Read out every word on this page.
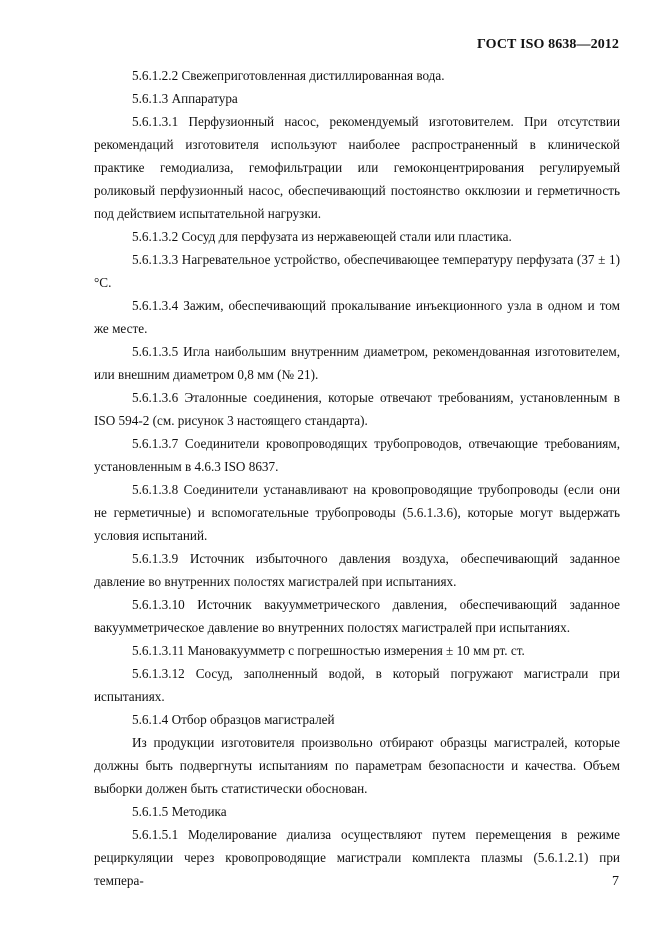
ГОСТ ISO 8638—2012

5.6.1.2.2 Свежеприготовленная дистиллированная вода.

5.6.1.3 Аппаратура

5.6.1.3.1 Перфузионный насос, рекомендуемый изготовителем. При отсутствии рекомендаций изготовителя используют наиболее распространенный в клинической практике гемодиализа, гемофильтрации или гемоконцентрирования регулируемый роликовый перфузионный насос, обеспечивающий постоянство окклюзии и герметичность под действием испытательной нагрузки.

5.6.1.3.2 Сосуд для перфузата из нержавеющей стали или пластика.

5.6.1.3.3 Нагревательное устройство, обеспечивающее температуру перфузата (37 ± 1) °С.

5.6.1.3.4 Зажим, обеспечивающий прокалывание инъекционного узла в одном и том же месте.

5.6.1.3.5 Игла наибольшим внутренним диаметром, рекомендованная изготовителем, или внешним диаметром 0,8 мм (№ 21).

5.6.1.3.6 Эталонные соединения, которые отвечают требованиям, установленным в ISO 594-2 (см. рисунок 3 настоящего стандарта).

5.6.1.3.7 Соединители кровопроводящих трубопроводов, отвечающие требованиям, установленным в 4.6.3 ISO 8637.

5.6.1.3.8 Соединители устанавливают на кровопроводящие трубопроводы (если они не герметичные) и вспомогательные трубопроводы (5.6.1.3.6), которые могут выдержать условия испытаний.

5.6.1.3.9 Источник избыточного давления воздуха, обеспечивающий заданное давление во внутренних полостях магистралей при испытаниях.

5.6.1.3.10 Источник вакуумметрического давления, обеспечивающий заданное вакуумметрическое давление во внутренних полостях магистралей при испытаниях.

5.6.1.3.11 Мановакуумметр с погрешностью измерения ± 10 мм рт. ст.

5.6.1.3.12 Сосуд, заполненный водой, в который погружают магистрали при испытаниях.

5.6.1.4 Отбор образцов магистралей

Из продукции изготовителя произвольно отбирают образцы магистралей, которые должны быть подвергнуты испытаниям по параметрам безопасности и качества. Объем выборки должен быть статистически обоснован.

5.6.1.5 Методика

5.6.1.5.1 Моделирование диализа осуществляют путем перемещения в режиме рециркуляции через кровопроводящие магистрали комплекта плазмы (5.6.1.2.1) при темпера-	7
